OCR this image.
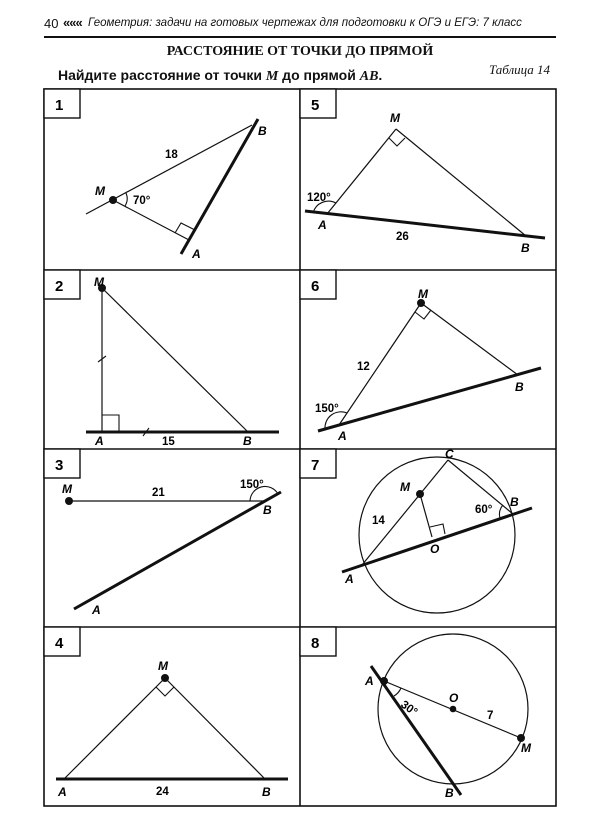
40 ««« Геометрия: задачи на готовых чертежах для подготовки к ОГЭ и ЕГЭ: 7 класс
РАССТОЯНИЕ ОТ ТОЧКИ ДО ПРЯМОЙ
Таблица 14
Найдите расстояние от точки M до прямой AB.
1	5
2	6
3	7
4	8
M
B
A
18
70°
M
A	B
15
M
B
A
21
150°
M
A	B
24
M
A
B
120°
26
M
A
B
12
150°
C
M
B
O
A
14
60°
A
O
M
B
30°	7
